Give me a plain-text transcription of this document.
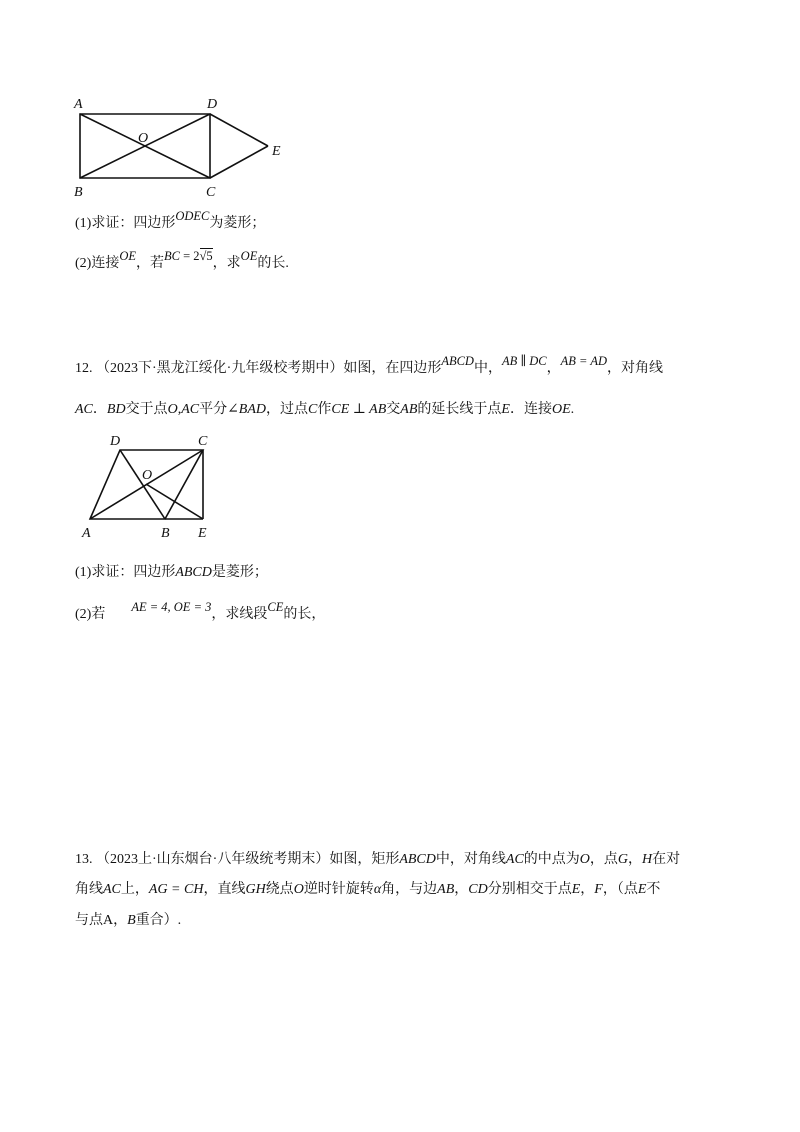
A	D
O
E
B	C
(1)求证：四边形ODEC为菱形；
(2)连接OE，若BC = 2√5，求OE的长.
12. （2023下·黑龙江绥化·九年级校考期中）如图，在四边形ABCD中，AB ∥ DC，AB = AD，对角线
AC．BD交于点O,AC平分∠BAD，过点C作CE ⊥ AB交AB的延长线于点E．连接OE.
D	C
O
A	B E
(1)求证：四边形ABCD是菱形；
(2)若 AE = 4, OE = 3，求线段CE的长，
13. （2023上·山东烟台·八年级统考期末）如图，矩形ABCD中，对角线AC的中点为O，点G，H在对
角线AC上，AG = CH，直线GH绕点O逆时针旋转α角，与边AB，CD分别相交于点E，F，（点E不
与点A，B重合）.
